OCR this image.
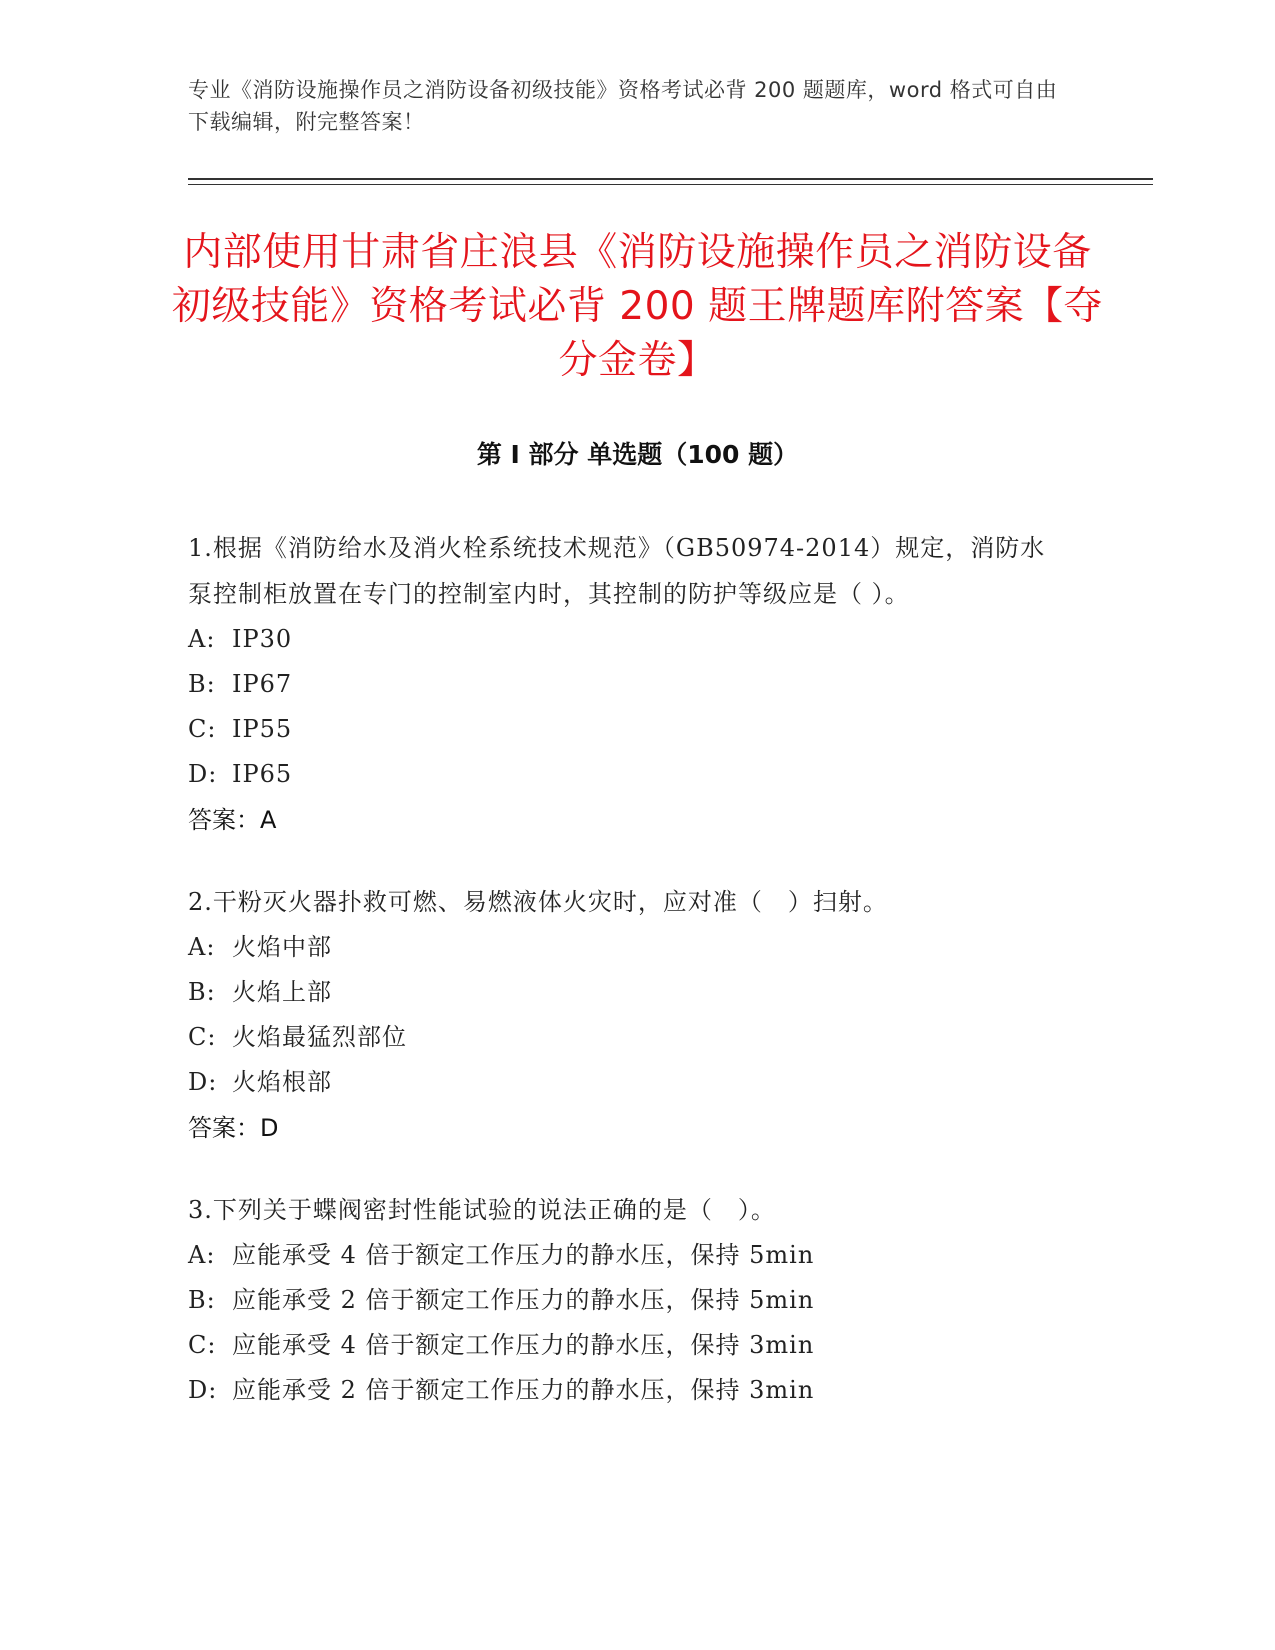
专业《消防设施操作员之消防设备初级技能》资格考试必背 200 题题库，word 格式可自由下载编辑，附完整答案！
内部使用甘肃省庄浪县《消防设施操作员之消防设备初级技能》资格考试必背 200 题王牌题库附答案【夺分金卷】
第 I 部分 单选题（100 题）
1.根据《消防给水及消火栓系统技术规范》（GB50974-2014）规定，消防水泵控制柜放置在专门的控制室内时，其控制的防护等级应是（ ）。
A: IP30
B: IP67
C: IP55
D: IP65
答案：A
2.干粉灭火器扑救可燃、易燃液体火灾时，应对准（　）扫射。
A: 火焰中部
B: 火焰上部
C: 火焰最猛烈部位
D: 火焰根部
答案：D
3.下列关于蝶阀密封性能试验的说法正确的是（　）。
A: 应能承受 4 倍于额定工作压力的静水压，保持 5min
B: 应能承受 2 倍于额定工作压力的静水压，保持 5min
C: 应能承受 4 倍于额定工作压力的静水压，保持 3min
D: 应能承受 2 倍于额定工作压力的静水压，保持 3min
